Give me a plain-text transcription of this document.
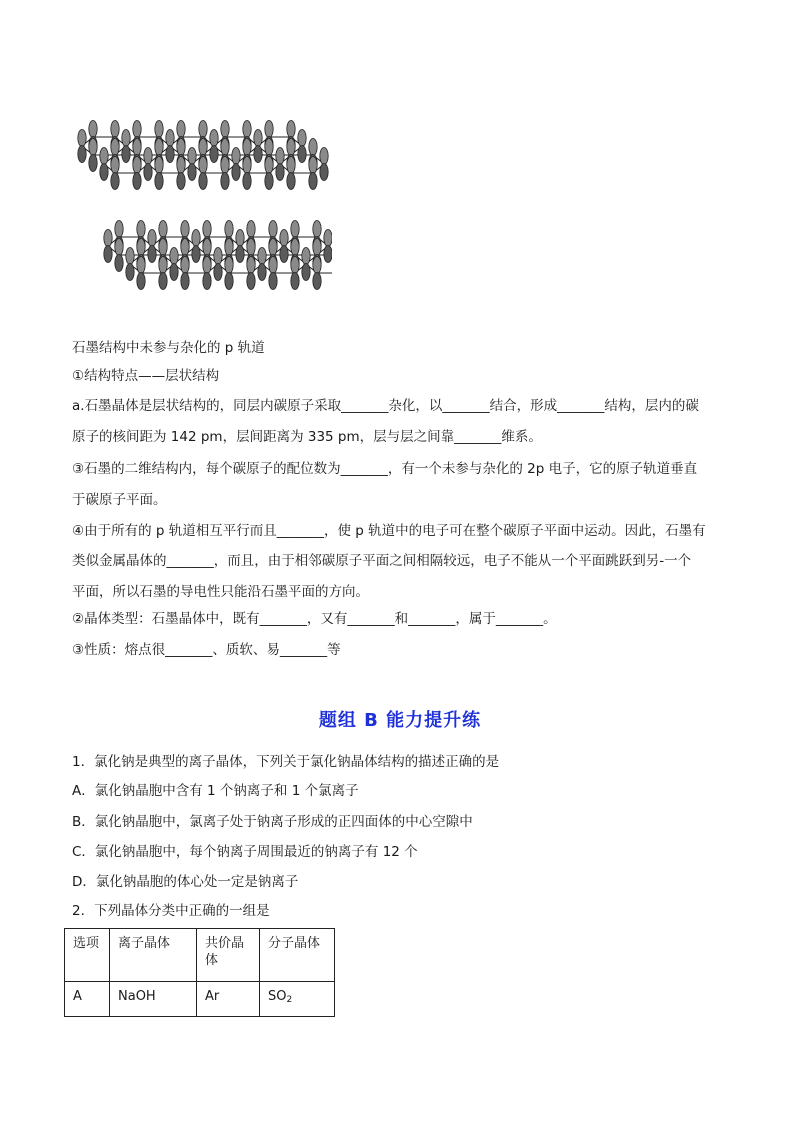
石墨结构中未参与杂化的 p 轨道
①结构特点——层状结构
a.石墨晶体是层状结构的，同层内碳原子采取_______杂化，以_______结合，形成_______结构，层内的碳
原子的核间距为 142 pm，层间距离为 335 pm，层与层之间靠_______维系。
③石墨的二维结构内，每个碳原子的配位数为_______，有一个未参与杂化的 2p 电子，它的原子轨道垂直
于碳原子平面。
④由于所有的 p 轨道相互平行而且_______，使 p 轨道中的电子可在整个碳原子平面中运动。因此，石墨有
类似金属晶体的_______，而且，由于相邻碳原子平面之间相隔较远，电子不能从一个平面跳跃到另-一个
平面，所以石墨的导电性只能沿石墨平面的方向。
②晶体类型：石墨晶体中，既有_______，又有_______和_______，属于_______。
③性质：熔点很_______、质软、易_______等
题组 B 能力提升练
1．氯化钠是典型的离子晶体，下列关于氯化钠晶体结构的描述正确的是
A．氯化钠晶胞中含有 1 个钠离子和 1 个氯离子
B．氯化钠晶胞中，氯离子处于钠离子形成的正四面体的中心空隙中
C．氯化钠晶胞中，每个钠离子周围最近的钠离子有 12 个
D．氯化钠晶胞的体心处一定是钠离子
2．下列晶体分类中正确的一组是
选项	离子晶体	共价晶体	分子晶体
A	NaOH	Ar	$SO_2$
